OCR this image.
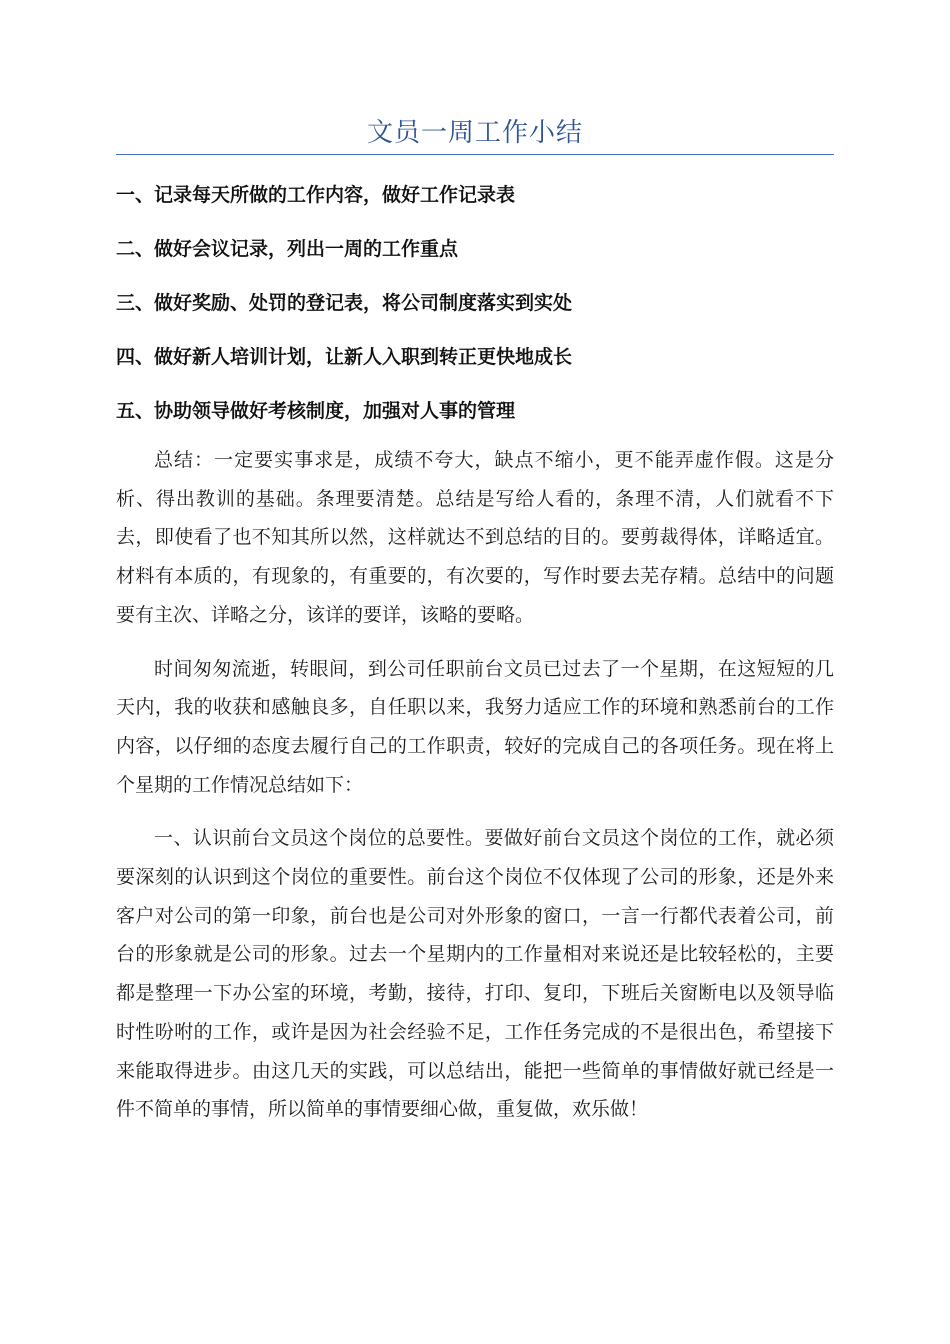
文员一周工作小结
一、记录每天所做的工作内容，做好工作记录表
二、做好会议记录，列出一周的工作重点
三、做好奖励、处罚的登记表，将公司制度落实到实处
四、做好新人培训计划，让新人入职到转正更快地成长
五、协助领导做好考核制度，加强对人事的管理

总结：一定要实事求是，成绩不夸大，缺点不缩小，更不能弄虚作假。这是分析、得出教训的基础。条理要清楚。总结是写给人看的，条理不清，人们就看不下去，即使看了也不知其所以然，这样就达不到总结的目的。要剪裁得体，详略适宜。材料有本质的，有现象的，有重要的，有次要的，写作时要去芜存精。总结中的问题要有主次、详略之分，该详的要详，该略的要略。

时间匆匆流逝，转眼间，到公司任职前台文员已过去了一个星期，在这短短的几天内，我的收获和感触良多，自任职以来，我努力适应工作的环境和熟悉前台的工作内容，以仔细的态度去履行自己的工作职责，较好的完成自己的各项任务。现在将上个星期的工作情况总结如下：

一、认识前台文员这个岗位的总要性。要做好前台文员这个岗位的工作，就必须要深刻的认识到这个岗位的重要性。前台这个岗位不仅体现了公司的形象，还是外来客户对公司的第一印象，前台也是公司对外形象的窗口，一言一行都代表着公司，前台的形象就是公司的形象。过去一个星期内的工作量相对来说还是比较轻松的，主要都是整理一下办公室的环境，考勤，接待，打印、复印，下班后关窗断电以及领导临时性吩咐的工作，或许是因为社会经验不足，工作任务完成的不是很出色，希望接下来能取得进步。由这几天的实践，可以总结出，能把一些简单的事情做好就已经是一件不简单的事情，所以简单的事情要细心做，重复做，欢乐做！
